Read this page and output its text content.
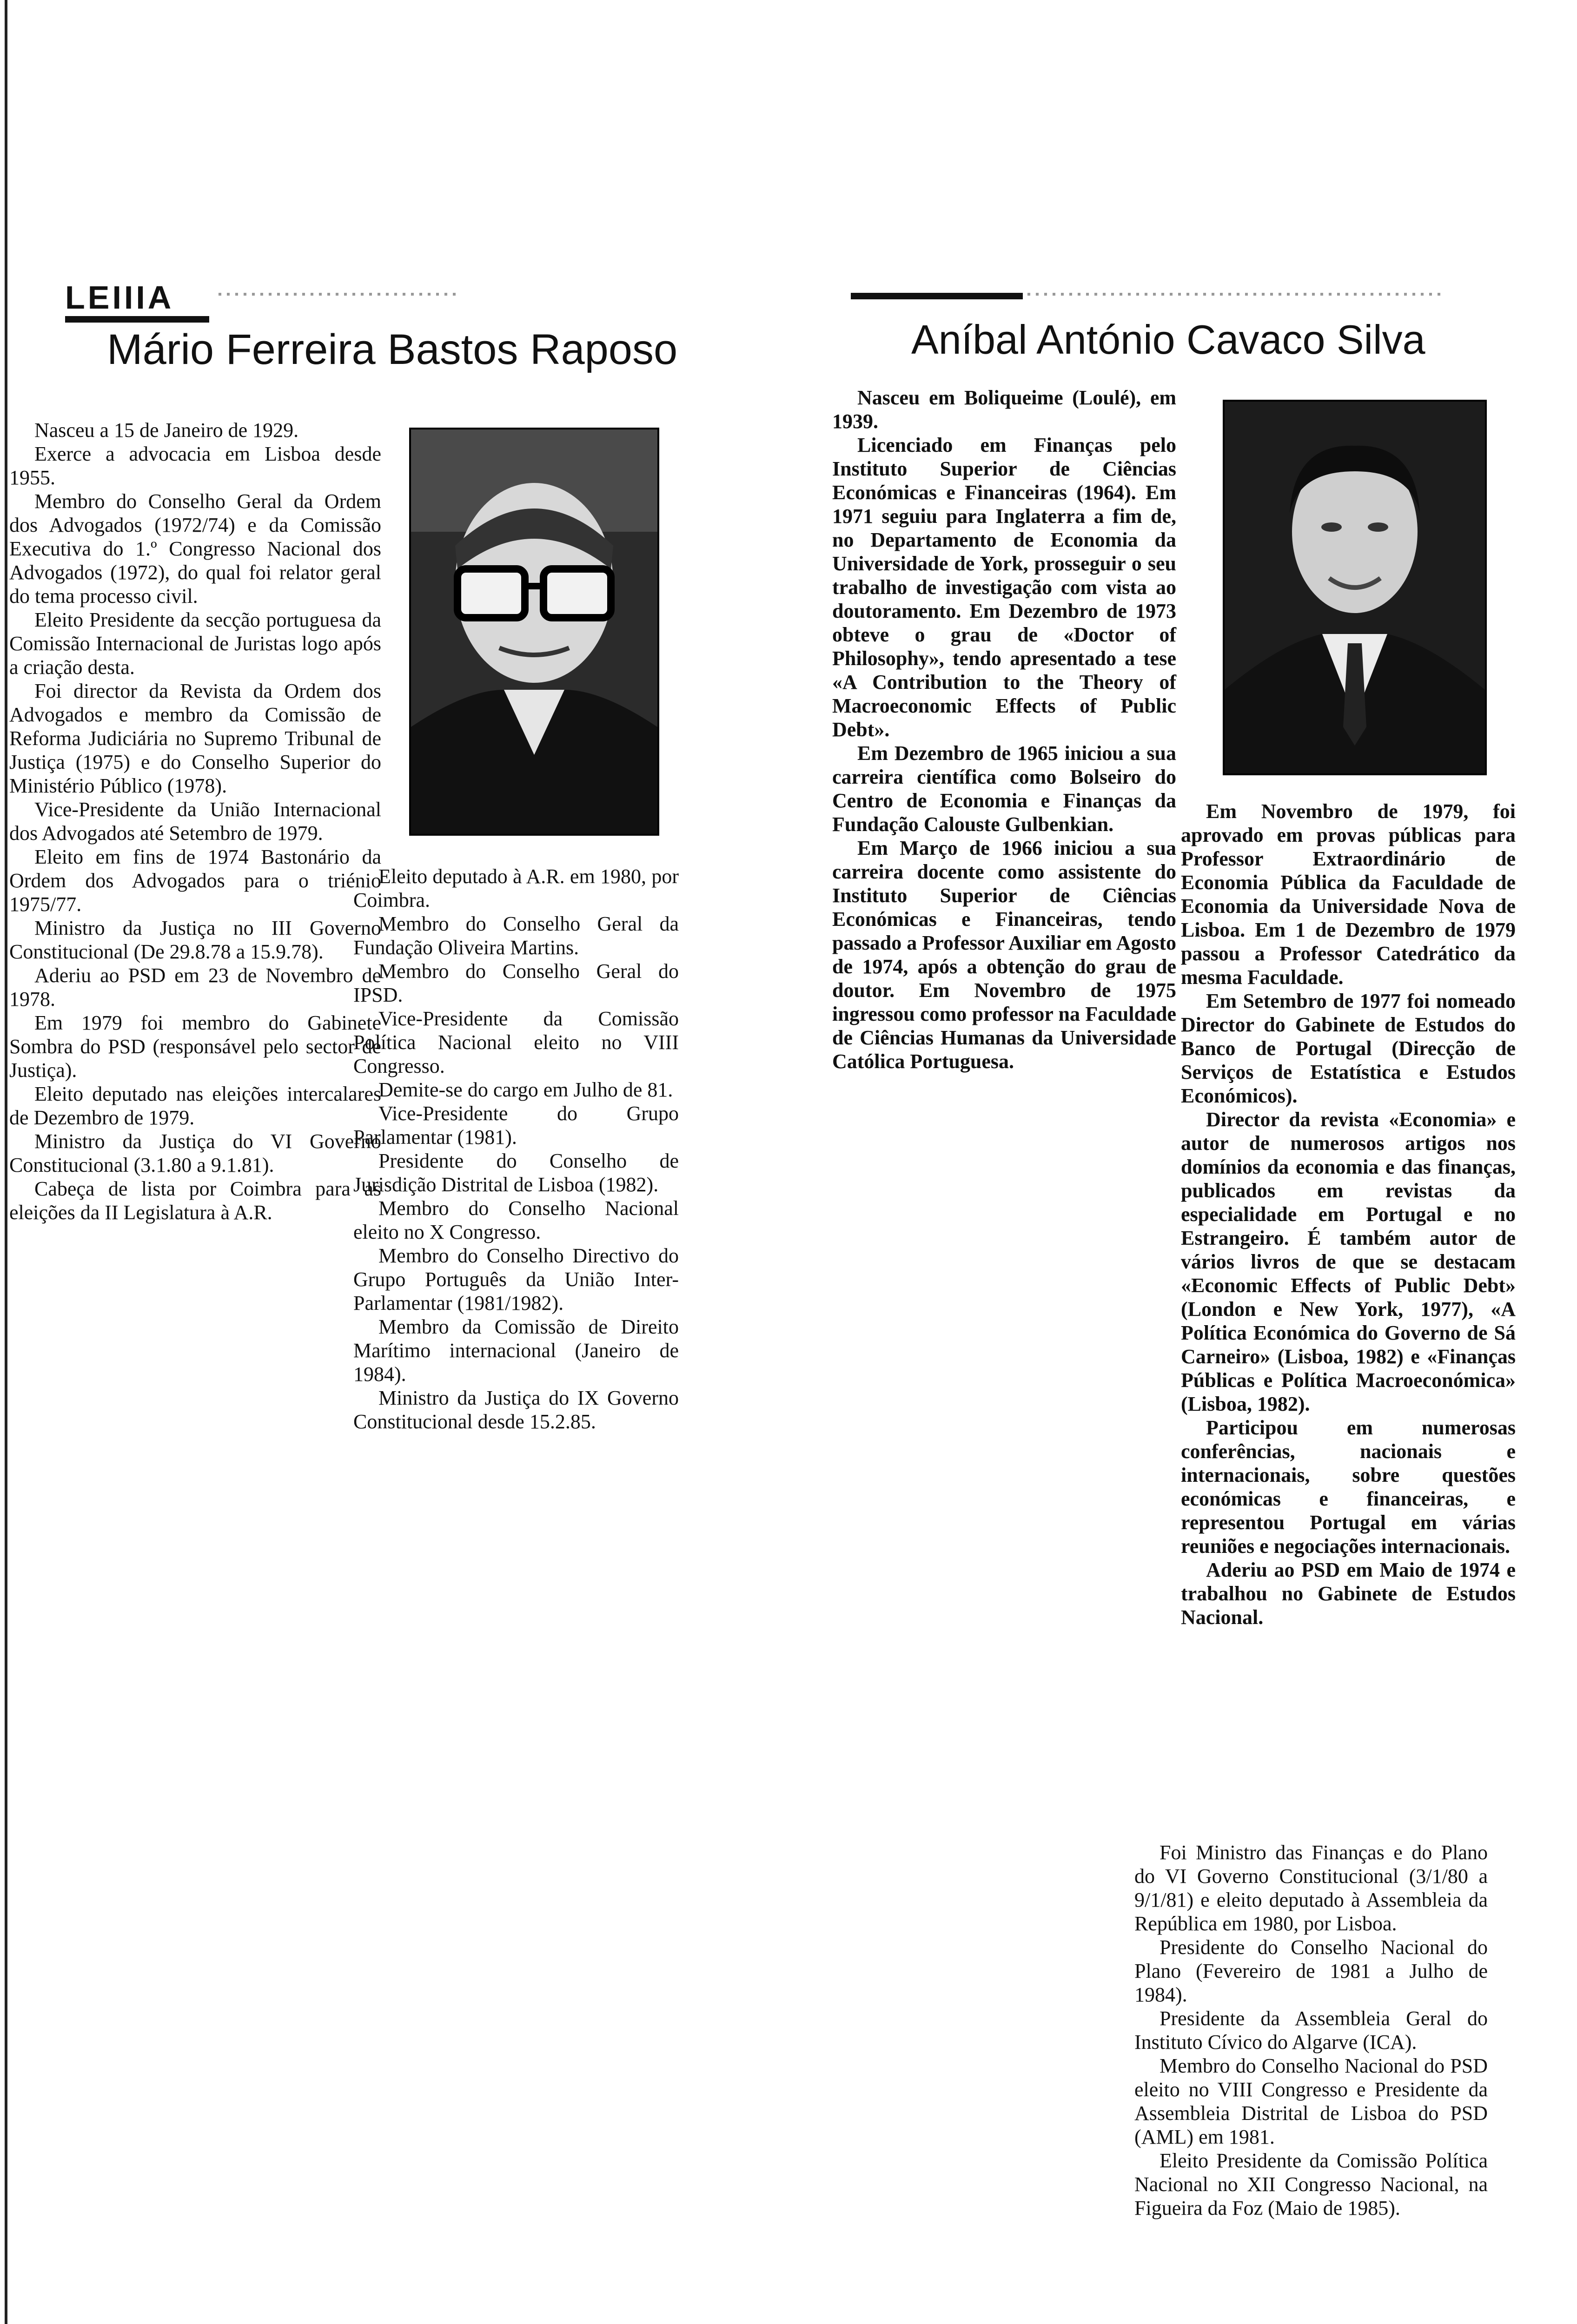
LEIIIA
Mário Ferreira Bastos Raposo

Nasceu a 15 de Janeiro de 1929.

Exerce a advocacia em Lisboa desde 1955.

Membro do Conselho Geral da Ordem dos Advogados (1972/74) e da Comissão Executiva do 1.º Congresso Nacional dos Advogados (1972), do qual foi relator geral do tema processo civil.

Eleito Presidente da secção portuguesa da Comissão Internacional de Juristas logo após a criação desta.

Foi director da Revista da Ordem dos Advogados e membro da Comissão de Reforma Judiciária no Supremo Tribunal de Justiça (1975) e do Conselho Superior do Ministério Público (1978).

Vice-Presidente da União Internacional dos Advogados até Setembro de 1979.

Eleito em fins de 1974 Bastonário da Ordem dos Advogados para o triénio 1975/77.

Ministro da Justiça no III Governo Constitucional (De 29.8.78 a 15.9.78).

Aderiu ao PSD em 23 de Novembro de 1978.

Em 1979 foi membro do Gabinete Sombra do PSD (responsável pelo sector de Justiça).

Eleito deputado nas eleições intercalares de Dezembro de 1979.

Ministro da Justiça do VI Governo Constitucional (3.1.80 a 9.1.81).

Cabeça de lista por Coimbra para as eleições da II Legislatura à A.R.

Eleito deputado à A.R. em 1980, por Coimbra.

Membro do Conselho Geral da Fundação Oliveira Martins.

Membro do Conselho Geral do IPSD.

Vice-Presidente da Comissão Política Nacional eleito no VIII Congresso.

Demite-se do cargo em Julho de 81.

Vice-Presidente do Grupo Parlamentar (1981).

Presidente do Conselho de Jurisdição Distrital de Lisboa (1982).

Membro do Conselho Nacional eleito no X Congresso.

Membro do Conselho Directivo do Grupo Português da União Inter-Parlamentar (1981/1982).

Membro da Comissão de Direito Marítimo internacional (Janeiro de 1984).

Ministro da Justiça do IX Governo Constitucional desde 15.2.85.

Aníbal António Cavaco Silva

Nasceu em Boliqueime (Loulé), em 1939.

Licenciado em Finanças pelo Instituto Superior de Ciências Económicas e Financeiras (1964). Em 1971 seguiu para Inglaterra a fim de, no Departamento de Economia da Universidade de York, prosseguir o seu trabalho de investigação com vista ao doutoramento. Em Dezembro de 1973 obteve o grau de «Doctor of Philosophy», tendo apresentado a tese «A Contribution to the Theory of Macroeconomic Effects of Public Debt».

Em Dezembro de 1965 iniciou a sua carreira científica como Bolseiro do Centro de Economia e Finanças da Fundação Calouste Gulbenkian.

Em Março de 1966 iniciou a sua carreira docente como assistente do Instituto Superior de Ciências Económicas e Financeiras, tendo passado a Professor Auxiliar em Agosto de 1974, após a obtenção do grau de doutor. Em Novembro de 1975 ingressou como professor na Faculdade de Ciências Humanas da Universidade Católica Portuguesa.

Em Novembro de 1979, foi aprovado em provas públicas para Professor Extraordinário de Economia Pública da Faculdade de Economia da Universidade Nova de Lisboa. Em 1 de Dezembro de 1979 passou a Professor Catedrático da mesma Faculdade.

Em Setembro de 1977 foi nomeado Director do Gabinete de Estudos do Banco de Portugal (Direcção de Serviços de Estatística e Estudos Económicos).

Director da revista «Economia» e autor de numerosos artigos nos domínios da economia e das finanças, publicados em revistas da especialidade em Portugal e no Estrangeiro. É também autor de vários livros de que se destacam «Economic Effects of Public Debt» (London e New York, 1977), «A Política Económica do Governo de Sá Carneiro» (Lisboa, 1982) e «Finanças Públicas e Política Macroeconómica» (Lisboa, 1982).

Participou em numerosas conferências, nacionais e internacionais, sobre questões económicas e financeiras, e representou Portugal em várias reuniões e negociações internacionais.

Aderiu ao PSD em Maio de 1974 e trabalhou no Gabinete de Estudos Nacional.

Foi Ministro das Finanças e do Plano do VI Governo Constitucional (3/1/80 a 9/1/81) e eleito deputado à Assembleia da República em 1980, por Lisboa.

Presidente do Conselho Nacional do Plano (Fevereiro de 1981 a Julho de 1984).

Presidente da Assembleia Geral do Instituto Cívico do Algarve (ICA).

Membro do Conselho Nacional do PSD eleito no VIII Congresso e Presidente da Assembleia Distrital de Lisboa do PSD (AML) em 1981.

Eleito Presidente da Comissão Política Nacional no XII Congresso Nacional, na Figueira da Foz (Maio de 1985).
